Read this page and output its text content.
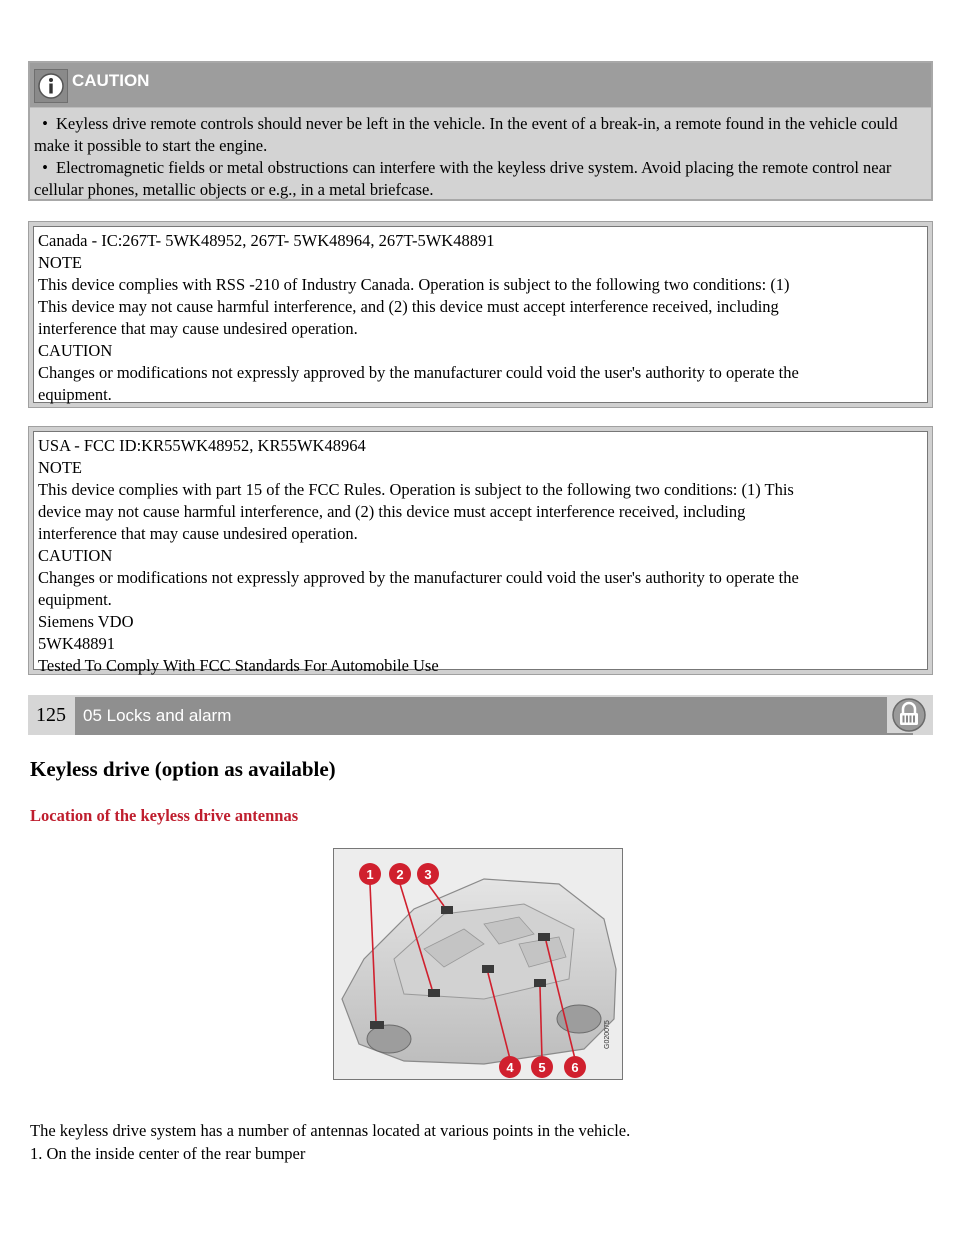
CAUTION
• Keyless drive remote controls should never be left in the vehicle. In the event of a break-in, a remote found in the vehicle could make it possible to start the engine.
• Electromagnetic fields or metal obstructions can interfere with the keyless drive system. Avoid placing the remote control near cellular phones, metallic objects or e.g., in a metal briefcase.
Canada - IC:267T- 5WK48952, 267T- 5WK48964, 267T-5WK48891
NOTE
This device complies with RSS -210 of Industry Canada. Operation is subject to the following two conditions: (1)
This device may not cause harmful interference, and (2) this device must accept interference received, including
interference that may cause undesired operation.
CAUTION
Changes or modifications not expressly approved by the manufacturer could void the user's authority to operate the
equipment.
USA - FCC ID:KR55WK48952, KR55WK48964
NOTE
This device complies with part 15 of the FCC Rules. Operation is subject to the following two conditions: (1) This
device may not cause harmful interference, and (2) this device must accept interference received, including
interference that may cause undesired operation.
CAUTION
Changes or modifications not expressly approved by the manufacturer could void the user's authority to operate the
equipment.
Siemens VDO
5WK48891
Tested To Comply With FCC Standards For Automobile Use
125	05 Locks and alarm
Keyless drive (option as available)
Location of the keyless drive antennas
1 2 3
4 5 6
G020075

The keyless drive system has a number of antennas located at various points in the vehicle.

1. On the inside center of the rear bumper
